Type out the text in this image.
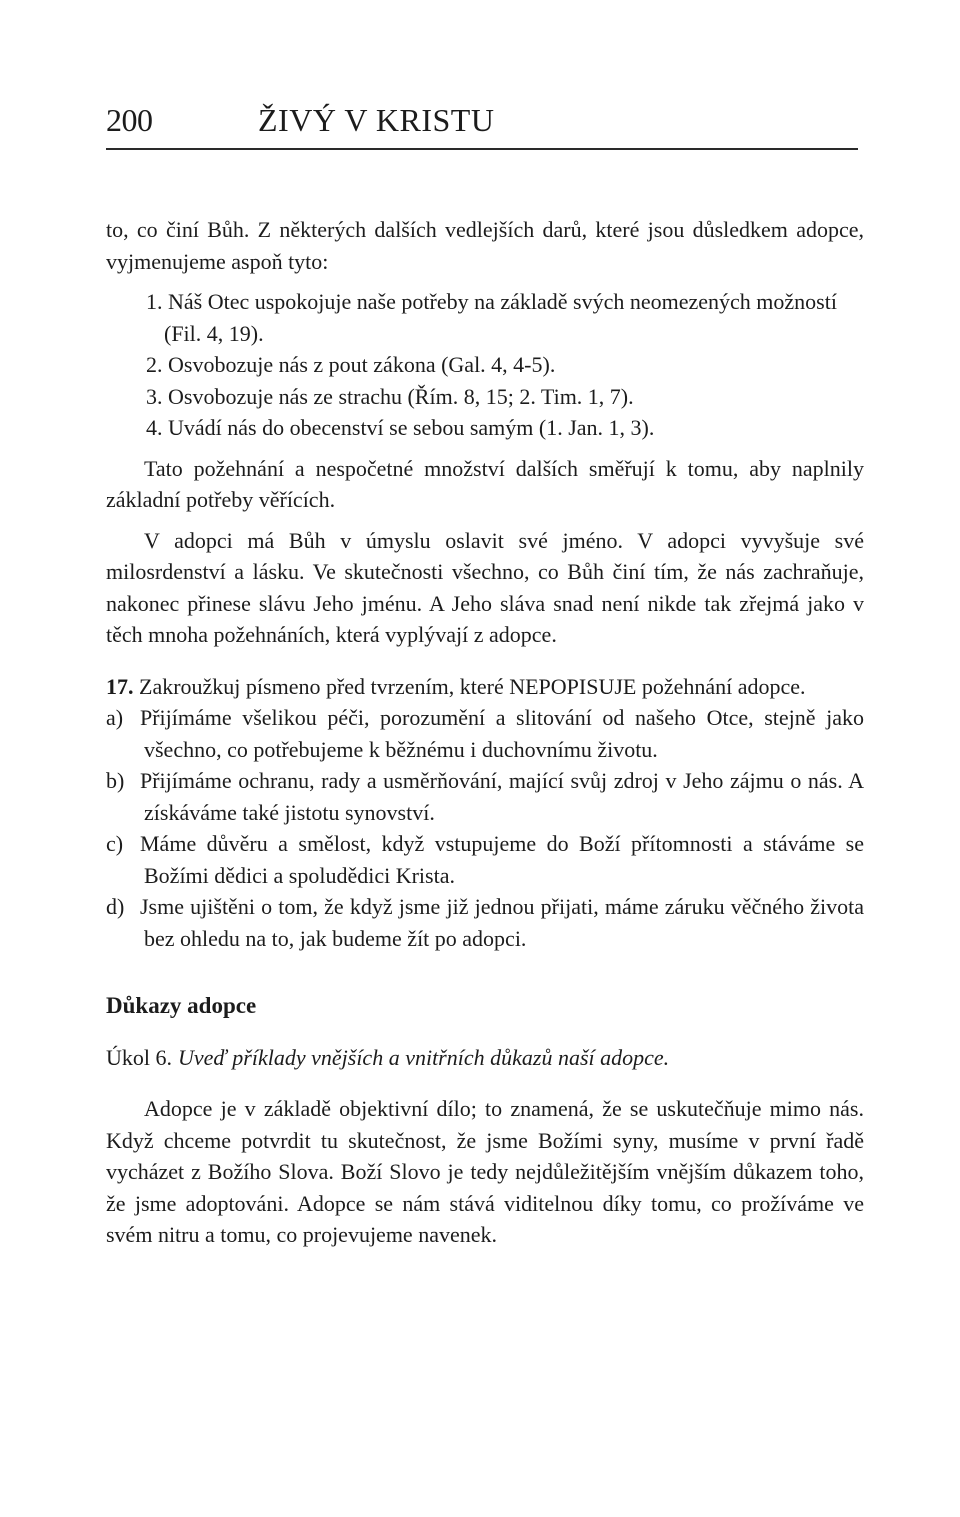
200	ŽIVÝ V KRISTU

to, co činí Bůh. Z některých dalších vedlejších darů, které jsou důsledkem adopce, vyjmenujeme aspoň tyto:

1. Náš Otec uspokojuje naše potřeby na základě svých neomezených možností (Fil. 4, 19).

2. Osvobozuje nás z pout zákona (Gal. 4, 4-5).

3. Osvobozuje nás ze strachu (Řím. 8, 15; 2. Tim. 1, 7).

4. Uvádí nás do obecenství se sebou samým (1. Jan. 1, 3).

Tato požehnání a nespočetné množství dalších směřují k tomu, aby naplnily základní potřeby věřících.

V adopci má Bůh v úmyslu oslavit své jméno. V adopci vyvyšuje své milosrdenství a lásku. Ve skutečnosti všechno, co Bůh činí tím, že nás zachraňuje, nakonec přinese slávu Jeho jménu. A Jeho sláva snad není nikde tak zřejmá jako v těch mnoha požehnáních, která vyplývají z adopce.

17. Zakroužkuj písmeno před tvrzením, které NEPOPISUJE požehnání adopce.

a) Přijímáme všelikou péči, porozumění a slitování od našeho Otce, stejně jako všechno, co potřebujeme k běžnému i duchovnímu životu.

b) Přijímáme ochranu, rady a usměrňování, mající svůj zdroj v Jeho zájmu o nás. A získáváme také jistotu synovství.

c) Máme důvěru a smělost, když vstupujeme do Boží přítomnosti a stáváme se Božími dědici a spoludědici Krista.

d) Jsme ujištěni o tom, že když jsme již jednou přijati, máme záruku věčného života bez ohledu na to, jak budeme žít po adopci.

Důkazy adopce

Úkol 6. Uveď příklady vnějších a vnitřních důkazů naší adopce.

Adopce je v základě objektivní dílo; to znamená, že se uskutečňuje mimo nás. Když chceme potvrdit tu skutečnost, že jsme Božími syny, musíme v první řadě vycházet z Božího Slova. Boží Slovo je tedy nejdůležitějším vnějším důkazem toho, že jsme adoptováni. Adopce se nám stává viditelnou díky tomu, co prožíváme ve svém nitru a tomu, co projevujeme navenek.
